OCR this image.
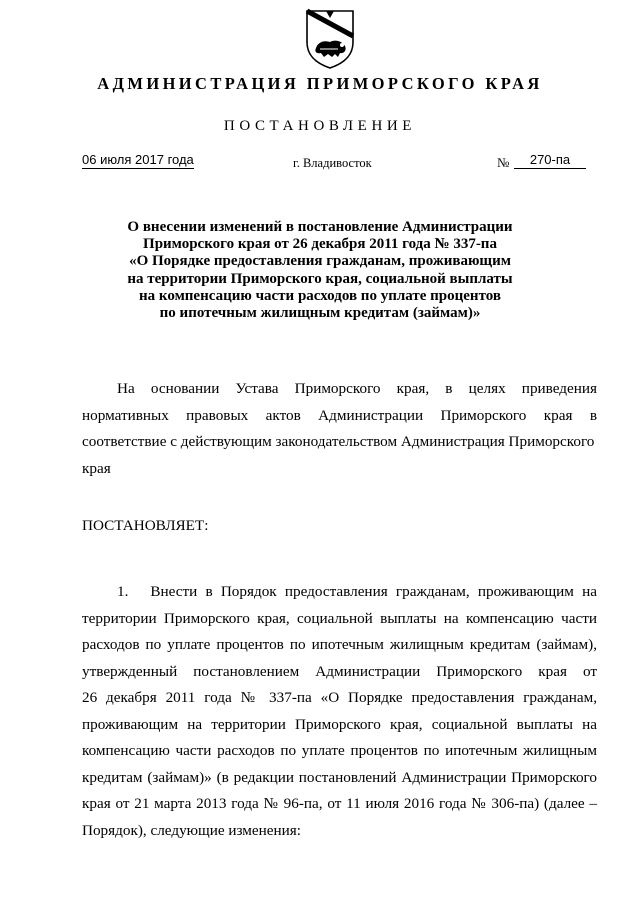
АДМИНИСТРАЦИЯ ПРИМОРСКОГО КРАЯ
ПОСТАНОВЛЕНИЕ
06 июля 2017 года	г. Владивосток	№	270-па
О внесении изменений в постановление Администрации
Приморского края от 26 декабря 2011 года № 337-па
«О Порядке предоставления гражданам, проживающим
на территории Приморского края, социальной выплаты
на компенсацию части расходов по уплате процентов
по ипотечным жилищным кредитам (займам)»
На основании Устава Приморского края, в целях приведения
нормативных правовых актов Администрации Приморского края в
соответствие с действующим законодательством Администрация Приморского
края
ПОСТАНОВЛЯЕТ:
1. Внести в Порядок предоставления гражданам, проживающим на
территории Приморского края, социальной выплаты на компенсацию части
расходов по уплате процентов по ипотечным жилищным кредитам (займам),
утвержденный постановлением Администрации Приморского края от
26 декабря 2011 года № 337-па «О Порядке предоставления гражданам,
проживающим на территории Приморского края, социальной выплаты на
компенсацию части расходов по уплате процентов по ипотечным жилищным
кредитам (займам)» (в редакции постановлений Администрации Приморского
края от 21 марта 2013 года № 96-па, от 11 июля 2016 года № 306-па) (далее –
Порядок), следующие изменения:
